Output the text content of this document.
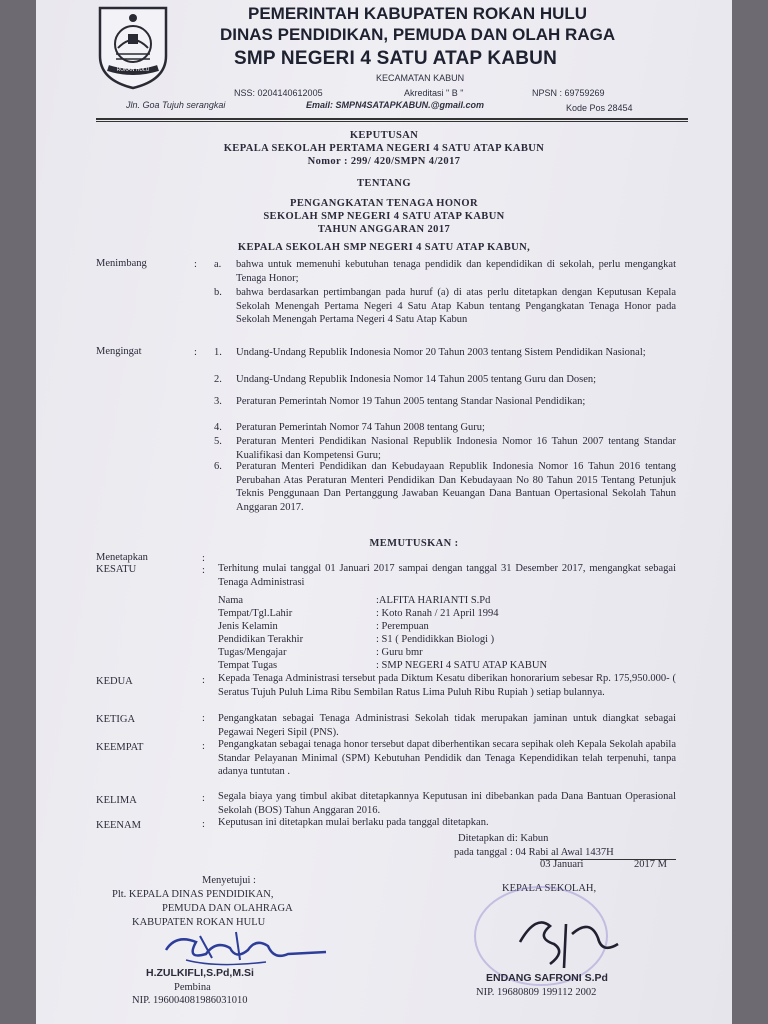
ROKAN HULU
PEMERINTAH KABUPATEN ROKAN HULU
DINAS PENDIDIKAN, PEMUDA DAN OLAH RAGA
SMP NEGERI 4 SATU ATAP KABUN
KECAMATAN KABUN
NSS: 0204140612005	Akreditasi " B "	NPSN : 69759269
Jln. Goa Tujuh serangkai	Email: SMPN4SATAPKABUN.@gmail.com	Kode Pos 28454
KEPUTUSAN
KEPALA SEKOLAH PERTAMA NEGERI 4 SATU ATAP KABUN
Nomor : 299/ 420/SMPN 4/2017
TENTANG
PENGANGKATAN TENAGA HONOR
SEKOLAH SMP NEGERI 4 SATU ATAP KABUN
TAHUN ANGGARAN 2017
KEPALA SEKOLAH SMP NEGERI 4 SATU ATAP KABUN,
Menimbang	: a. bahwa untuk memenuhi kebutuhan tenaga pendidik dan kependidikan di sekolah, perlu mengangkat Tenaga Honor;
b. bahwa berdasarkan pertimbangan pada huruf (a) di atas perlu ditetapkan dengan Keputusan Kepala Sekolah Menengah Pertama Negeri 4 Satu Atap Kabun tentang Pengangkatan Tenaga Honor pada Sekolah Menengah Pertama Negeri 4 Satu Atap Kabun
Mengingat	: 1. Undang-Undang Republik Indonesia Nomor 20 Tahun 2003 tentang Sistem Pendidikan Nasional;
2. Undang-Undang Republik Indonesia Nomor 14 Tahun 2005 tentang Guru dan Dosen;
3. Peraturan Pemerintah Nomor 19 Tahun 2005 tentang Standar Nasional Pendidikan;
4. Peraturan Pemerintah Nomor 74 Tahun 2008 tentang Guru;
5. Peraturan Menteri Pendidikan Nasional Republik Indonesia Nomor 16 Tahun 2007 tentang Standar Kualifikasi dan Kompetensi Guru;
6. Peraturan Menteri Pendidikan dan Kebudayaan Republik Indonesia Nomor 16 Tahun 2016 tentang Perubahan Atas Peraturan Menteri Pendidikan Dan Kebudayaan No 80 Tahun 2015 Tentang Petunjuk Teknis Penggunaan Dan Pertanggung Jawaban Keuangan Dana Bantuan Opertasional Sekolah Tahun Anggaran 2017.
MEMUTUSKAN :
Menetapkan	:
KESATU	: Terhitung mulai tanggal 01 Januari 2017 sampai dengan tanggal 31 Desember 2017, mengangkat sebagai Tenaga Administrasi
Nama	:ALFITA HARIANTI S.Pd
Tempat/Tgl.Lahir	: Koto Ranah / 21 April 1994
Jenis Kelamin	: Perempuan
Pendidikan Terakhir	: S1 ( Pendidikkan Biologi )
Tugas/Mengajar	: Guru bmr
Tempat Tugas	: SMP NEGERI 4 SATU ATAP KABUN
KEDUA	: Kepada Tenaga Administrasi tersebut pada Diktum Kesatu diberikan honorarium sebesar Rp. 175,950.000- ( Seratus Tujuh Puluh Lima Ribu Sembilan Ratus Lima Puluh Ribu Rupiah ) setiap bulannya.
KETIGA	: Pengangkatan sebagai Tenaga Administrasi Sekolah tidak merupakan jaminan untuk diangkat sebagai Pegawai Negeri Sipil (PNS).
KEEMPAT	: Pengangkatan sebagai tenaga honor tersebut dapat diberhentikan secara sepihak oleh Kepala Sekolah apabila Standar Pelayanan Minimal (SPM) Kebutuhan Pendidik dan Tenaga Kependidikan telah terpenuhi, tanpa adanya tuntutan .
KELIMA	: Segala biaya yang timbul akibat ditetapkannya Keputusan ini dibebankan pada Dana Bantuan Operasional Sekolah (BOS) Tahun Anggaran 2016.
KEENAM	: Keputusan ini ditetapkan mulai berlaku pada tanggal ditetapkan.
Ditetapkan di: Kabun
pada tanggal : 04 Rabi al Awal 1437H
03 Januari	2017 M
Menyetujui :
Plt. KEPALA DINAS PENDIDIKAN,
PEMUDA DAN OLAHRAGA
KABUPATEN ROKAN HULU
H.ZULKIFLI,S.Pd,M.Si
Pembina
NIP. 196004081986031010
KEPALA SEKOLAH,
ENDANG SAFRONI S.Pd
NIP. 19680809 199112 2002
